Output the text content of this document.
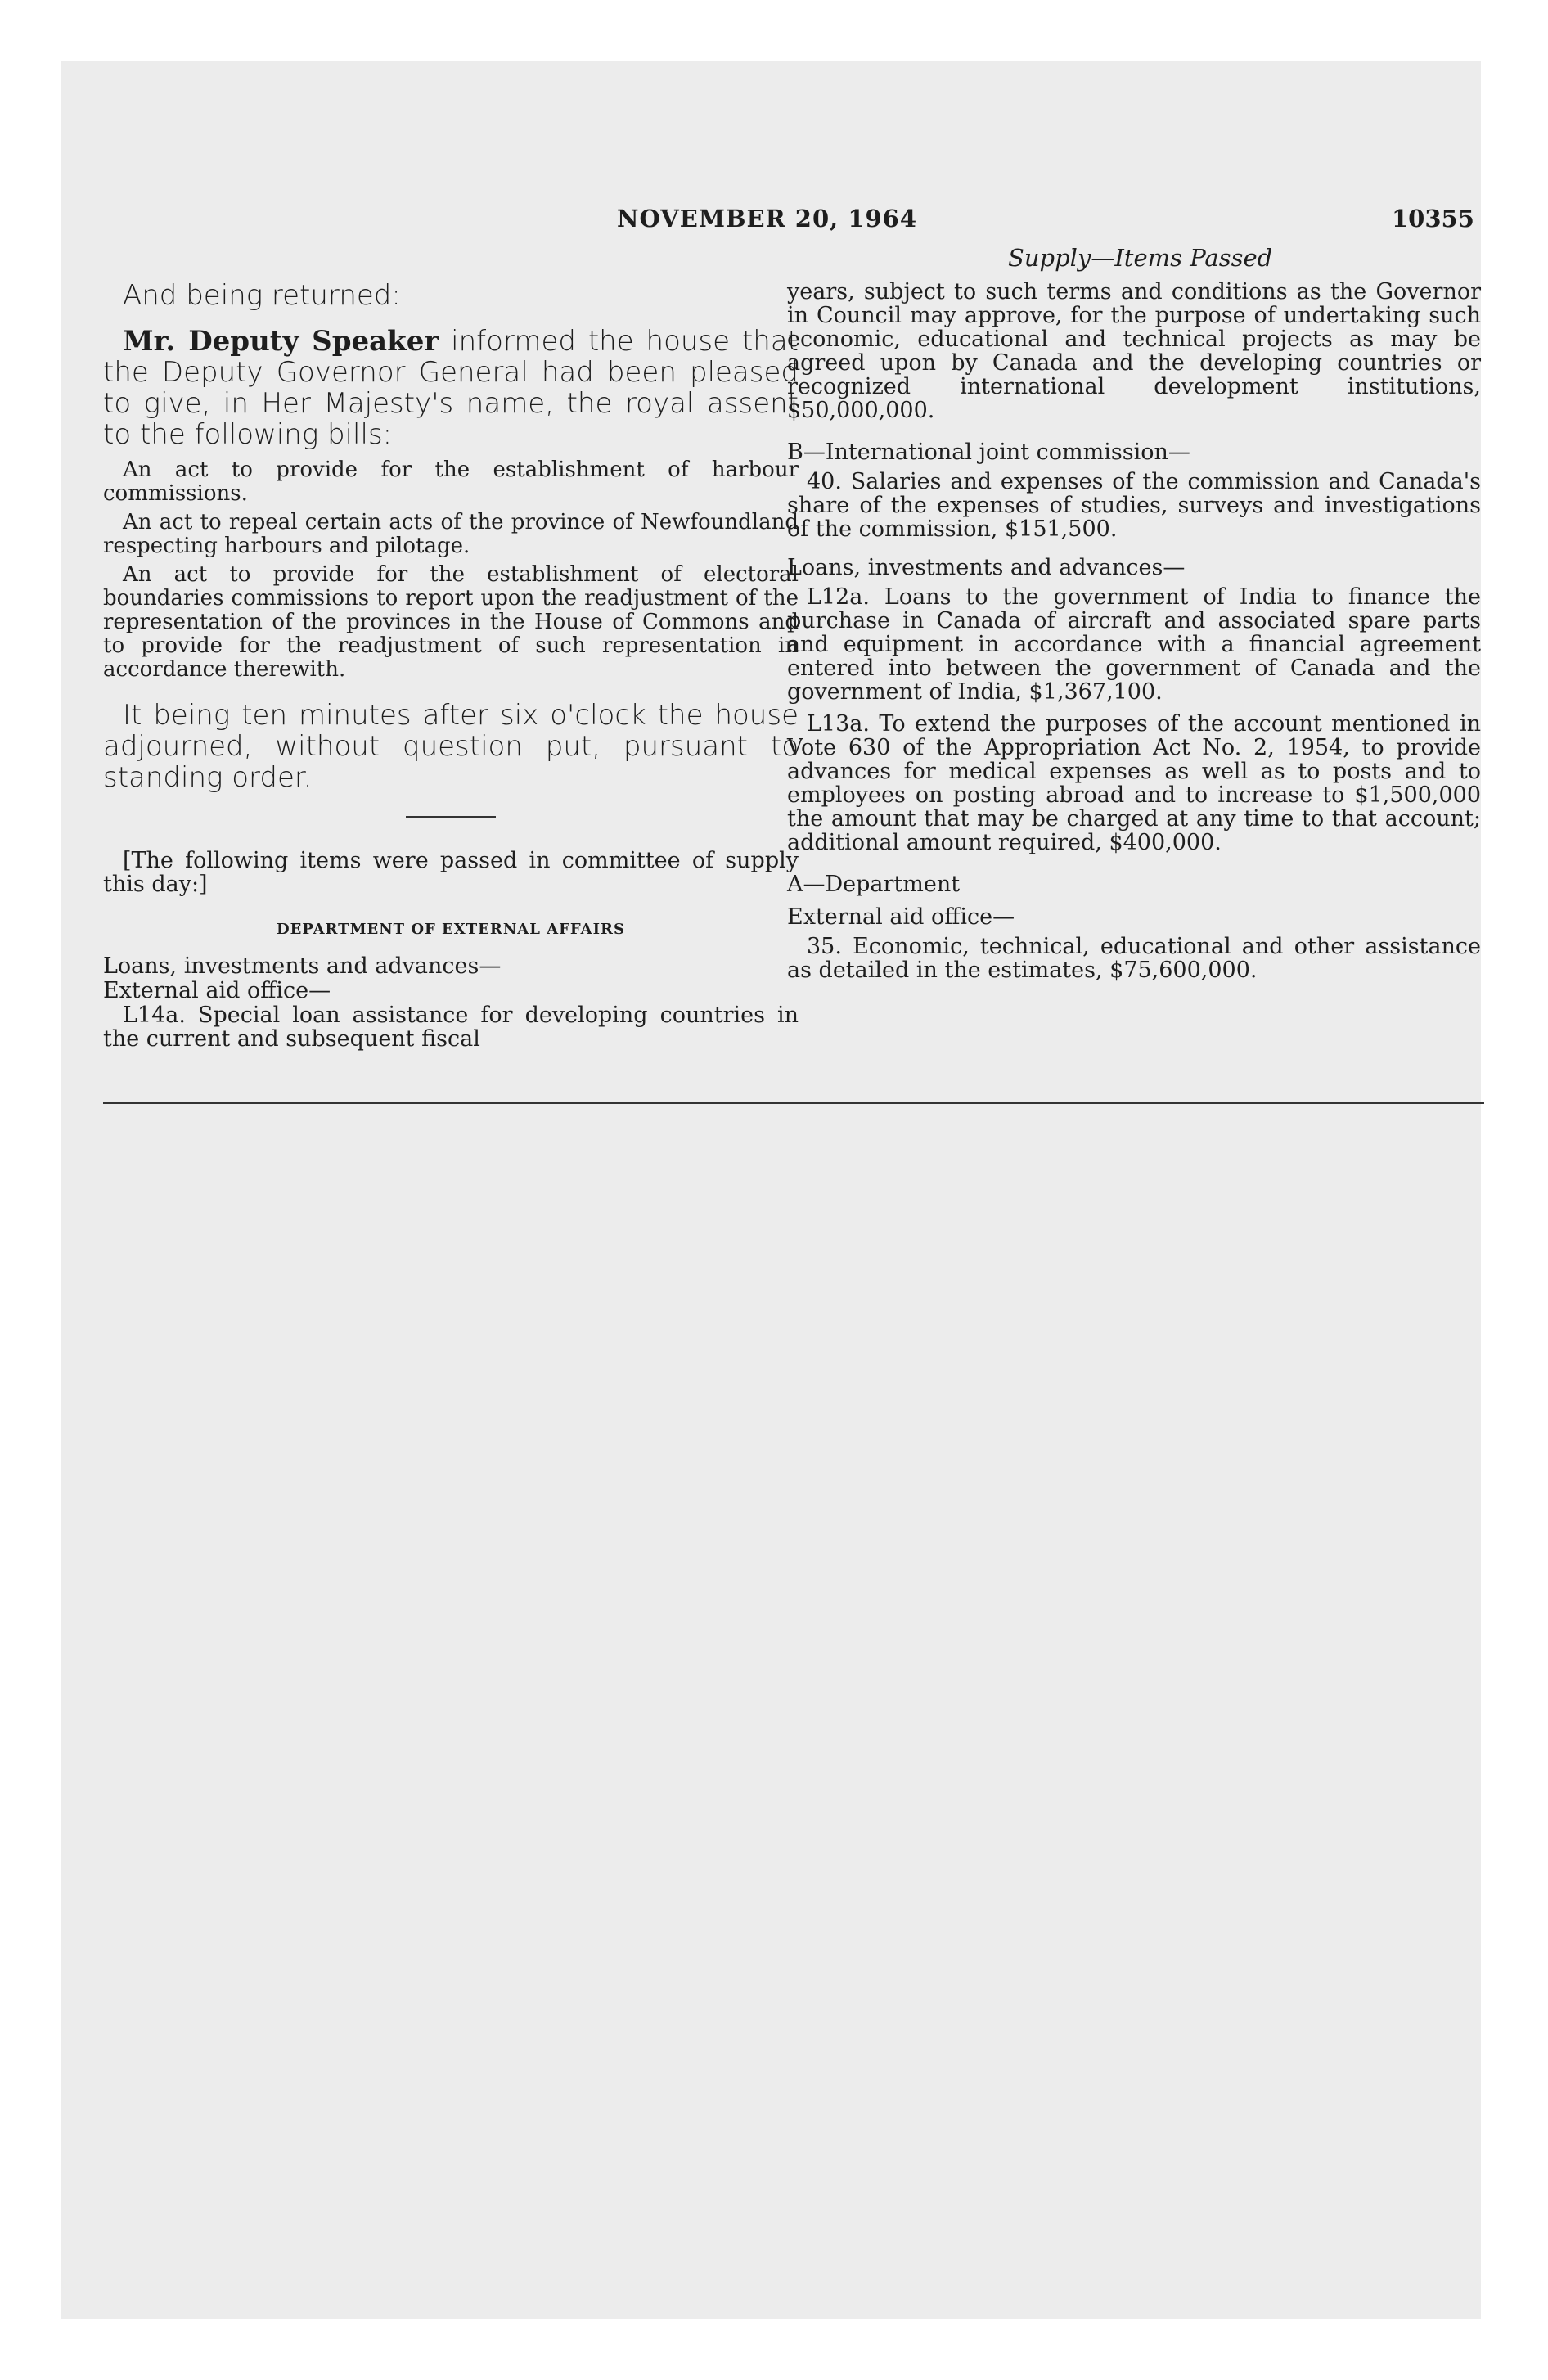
NOVEMBER 20, 1964	10355
Supply—Items Passed

And being returned:

Mr. Deputy Speaker informed the house that the Deputy Governor General had been pleased to give, in Her Majesty's name, the royal assent to the following bills:

An act to provide for the establishment of harbour commissions.

An act to repeal certain acts of the province of Newfoundland respecting harbours and pilotage.

An act to provide for the establishment of electoral boundaries commissions to report upon the readjustment of the representation of the provinces in the House of Commons and to provide for the readjustment of such representation in accordance therewith.

It being ten minutes after six o'clock the house adjourned, without question put, pursuant to standing order.

[The following items were passed in committee of supply this day:]

DEPARTMENT OF EXTERNAL AFFAIRS

Loans, investments and advances—

External aid office—

L14a. Special loan assistance for developing countries in the current and subsequent fiscal

years, subject to such terms and conditions as the Governor in Council may approve, for the purpose of undertaking such economic, educational and technical projects as may be agreed upon by Canada and the developing countries or recognized international development institutions, $50,000,000.

B—International joint commission—

40. Salaries and expenses of the commission and Canada's share of the expenses of studies, surveys and investigations of the commission, $151,500.

Loans, investments and advances—

L12a. Loans to the government of India to finance the purchase in Canada of aircraft and associated spare parts and equipment in accordance with a financial agreement entered into between the government of Canada and the government of India, $1,367,100.

L13a. To extend the purposes of the account mentioned in Vote 630 of the Appropriation Act No. 2, 1954, to provide advances for medical expenses as well as to posts and to employees on posting abroad and to increase to $1,500,000 the amount that may be charged at any time to that account; additional amount required, $400,000.

A—Department

External aid office—

35. Economic, technical, educational and other assistance as detailed in the estimates, $75,600,000.
